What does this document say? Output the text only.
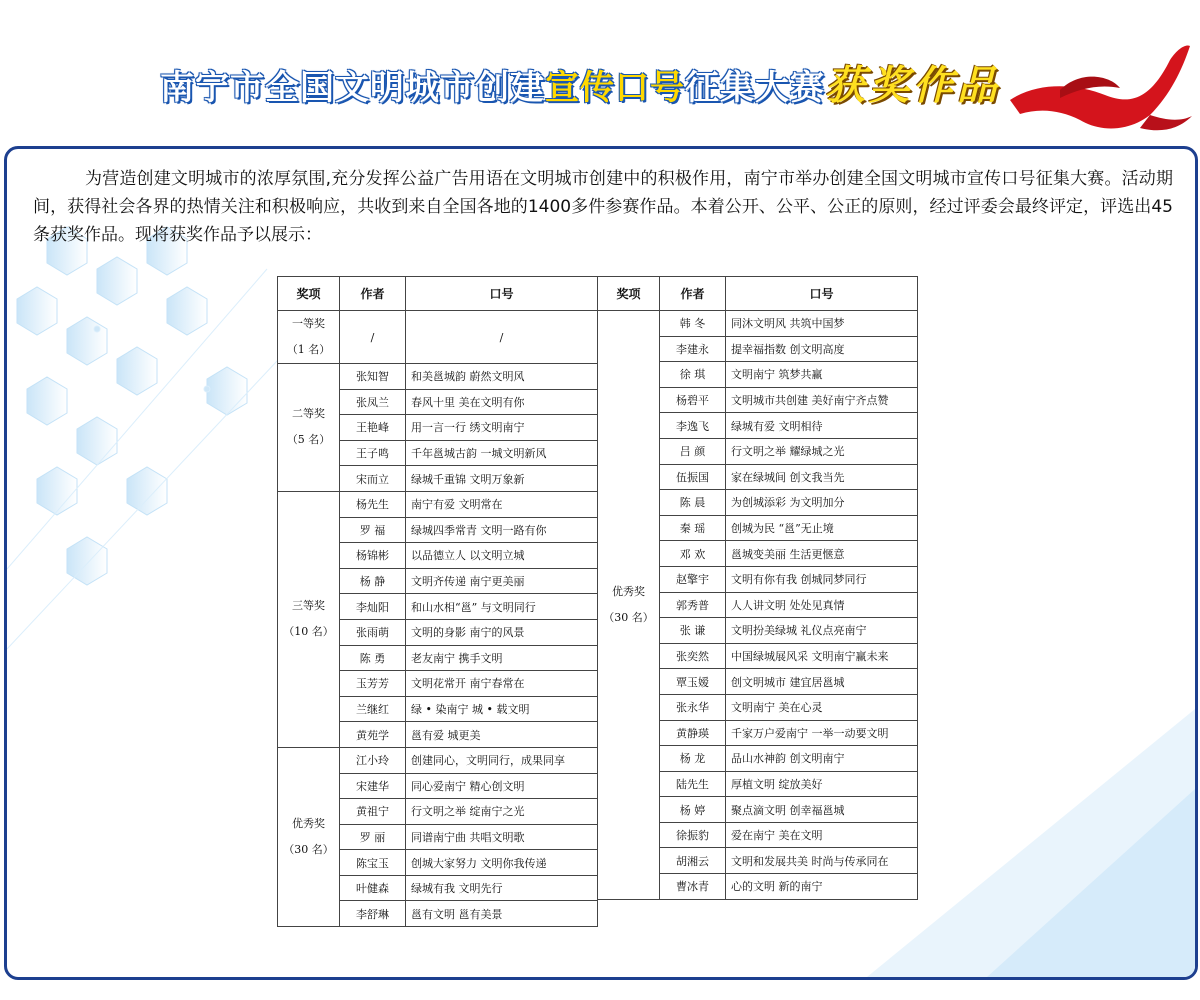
南宁市全国文明城市创建宣传口号征集大赛获奖作品
为营造创建文明城市的浓厚氛围,充分发挥公益广告用语在文明城市创建中的积极作用，南宁市举办创建全国文明城市宣传口号征集大赛。活动期间，获得社会各界的热情关注和积极响应，共收到来自全国各地的1400多件参赛作品。本着公开、公平、公正的原则，经过评委会最终评定，评选出45条获奖作品。现将获奖作品予以展示：
奖项	作者	口号

一等奖
（1 名）	/	/

二等奖
（5 名）	张知智	和美邕城韵 蔚然文明风
	张凤兰	春风十里 美在文明有你
	王艳峰	用一言一行 绣文明南宁
	王子鸣	千年邕城古韵 一城文明新风
	宋而立	绿城千重锦 文明万象新

三等奖
（10 名）	杨先生	南宁有爱 文明常在
	罗 福	绿城四季常青 文明一路有你
	杨锦彬	以品德立人 以文明立城
	杨 静	文明齐传递 南宁更美丽
	李灿阳	和山水相“邕” 与文明同行
	张雨萌	文明的身影 南宁的风景
	陈 勇	老友南宁 携手文明
	玉芳芳	文明花常开 南宁春常在
	兰继红	绿 • 染南宁 城 • 载文明
	黄苑学	邕有爱 城更美

优秀奖
（30 名）	江小玲	创建同心，文明同行，成果同享
	宋建华	同心爱南宁 精心创文明
	黄祖宁	行文明之举 绽南宁之光
	罗 丽	同谱南宁曲 共唱文明歌
	陈宝玉	创城大家努力 文明你我传递
	叶健森	绿城有我 文明先行
	李舒琳	邕有文明 邕有美景
奖项	作者	口号

优秀奖
（30 名）	韩 冬	同沐文明风 共筑中国梦
	李建永	提幸福指数 创文明高度
	徐 琪	文明南宁 筑梦共赢
	杨碧平	文明城市共创建 美好南宁齐点赞
	李逸飞	绿城有爱 文明相待
	吕 颜	行文明之举 耀绿城之光
	伍振国	家在绿城间 创文我当先
	陈 晨	为创城添彩 为文明加分
	秦 瑶	创城为民 “邕”无止境
	邓 欢	邕城变美丽 生活更惬意
	赵擎宇	文明有你有我 创城同梦同行
	郭秀普	人人讲文明 处处见真情
	张 谦	文明扮美绿城 礼仪点亮南宁
	张奕然	中国绿城展风采 文明南宁赢未来
	覃玉嫒	创文明城市 建宜居邕城
	张永华	文明南宁 美在心灵
	黄静瑛	千家万户爱南宁 一举一动要文明
	杨 龙	品山水神韵 创文明南宁
	陆先生	厚植文明 绽放美好
	杨 婷	聚点滴文明 创幸福邕城
	徐振豹	爱在南宁 美在文明
	胡湘云	文明和发展共美 时尚与传承同在
	曹冰青	心的文明 新的南宁
